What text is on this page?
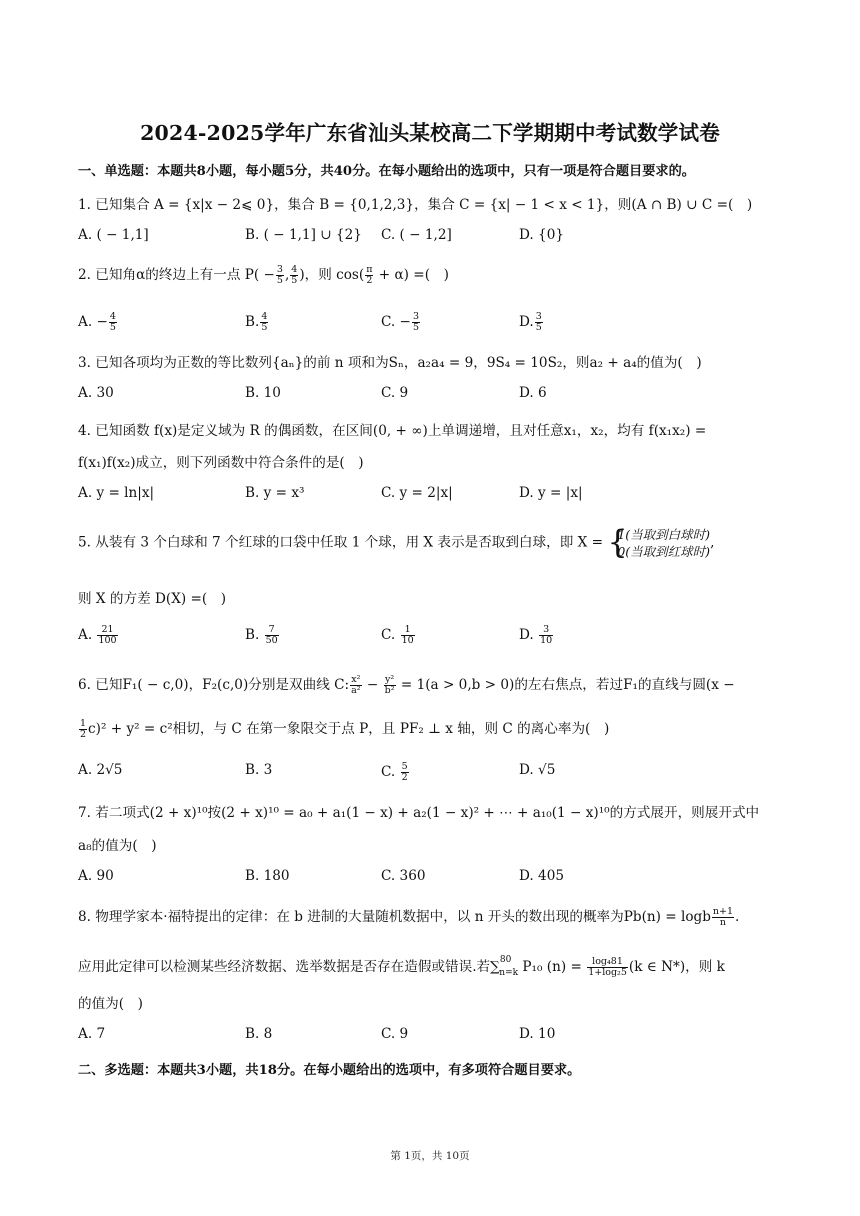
2024-2025学年广东省汕头某校高二下学期期中考试数学试卷
一、单选题：本题共8小题，每小题5分，共40分。在每小题给出的选项中，只有一项是符合题目要求的。
1. 已知集合 A = {x|x − 2⩽ 0}，集合 B = {0,1,2,3}，集合 C = {x| − 1 < x < 1}，则(A ∩ B) ∪ C =(　)
A. ( − 1,1]	B. ( − 1,1] ∪ {2} C. ( − 1,2]	D. {0}
2. 已知角α的终边上有一点 $P( - \frac{3}{5}$ , $\frac{4}{5}$ )，则 $\cos( \frac{\pi}{2} + \alpha)$ =(　)
A. − $\frac{4}{5}$	B. $\frac{4}{5}$	C. − $\frac{3}{5}$	D. $\frac{3}{5}$
3. 已知各项均为正数的等比数列{aₙ}的前 n 项和为Sₙ，a₂a₄ = 9，9S₄ = 10S₂，则a₂ + a₄的值为(　)
A. 30	B. 10	C. 9	D. 6
4. 已知函数 f(x)是定义域为 R 的偶函数，在区间(0, + ∞)上单调递增，且对任意x₁，x₂，均有 f(x₁x₂) =
f(x₁)f(x₂)成立，则下列函数中符合条件的是(　)
A. y = ln|x|	B. y = x³	C. y = 2|x|	D. y = |x|
5. 从装有 3 个白球和 7 个红球的口袋中任取 1 个球，用 X 表示是否取到白球，即 X = {
1(当取到白球时)
0(当取到红球时)
,
则 X 的方差 D(X) =(　)
A. $\frac{21}{100}$	B. $\frac{7}{50}$	C. $\frac{1}{10}$	D. $\frac{3}{10}$
6. 已知F₁( − c,0)，F₂(c,0)分别是双曲线 C: $\frac{\text{x²}}{\text{a²}} - \frac{\text{y²}}{\text{b²}} = 1(a > 0,b > 0)$的左右焦点，若过F₁的直线与圆(x −
$\frac{1}{2} c)^2 + y^2 = c^2$相切，与 C 在第一象限交于点 P，且 PF₂ ⊥ x 轴，则 C 的离心率为(　)
A. 2√5	B. 3	C. $\frac{5}{2}$	D. √5
7. 若二项式(2 + x)¹⁰按(2 + x)¹⁰ = a₀ + a₁(1 − x) + a₂(1 − x)² + ⋯ + a₁₀(1 − x)¹⁰的方式展开，则展开式中
a₈的值为(　)
A. 90	B. 180	C. 360	D. 405
8. 物理学家本·福特提出的定律：在 b 进制的大量随机数据中，以 n 开头的数出现的概率为Pb(n) = logb $\frac{n+1}{n}$ .
应用此定律可以检测某些经济数据、选举数据是否存在造假或错误.若∑$^{80}_{n=k}$ P₁₀ $(n) = \frac{\text{log₄81}}{\text{1+log₂5}} (k$ ∈ N*)，则 k
的值为(　)
A. 7	B. 8	C. 9	D. 10
二、多选题：本题共3小题，共18分。在每小题给出的选项中，有多项符合题目要求。
第 1页，共 10页
